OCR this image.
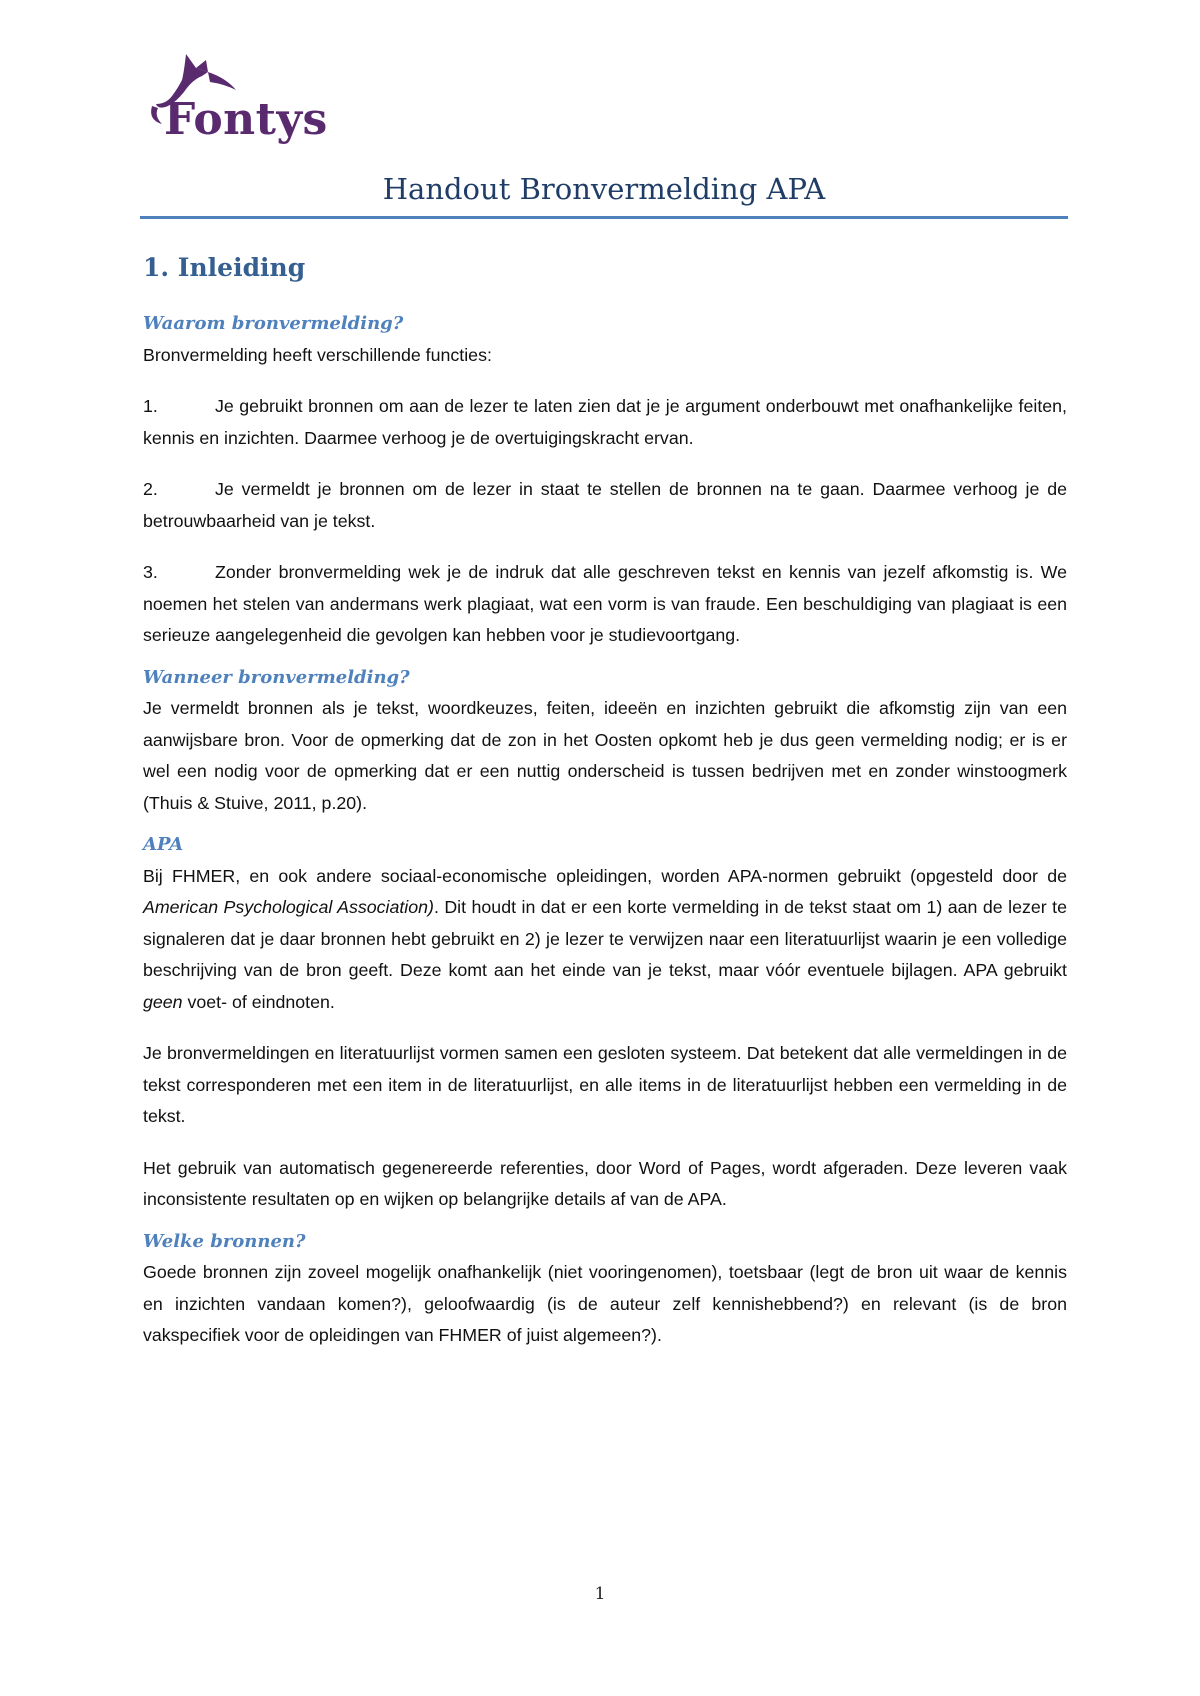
Fontys
Handout Bronvermelding APA
1. Inleiding
Waarom bronvermelding?

Bronvermelding heeft verschillende functies:

1.	Je gebruikt bronnen om aan de lezer te laten zien dat je je argument onderbouwt met onafhankelijke feiten, kennis en inzichten. Daarmee verhoog je de overtuigingskracht ervan.
2.	Je vermeldt je bronnen om de lezer in staat te stellen de bronnen na te gaan. Daarmee verhoog je de betrouwbaarheid van je tekst.
3.	Zonder bronvermelding wek je de indruk dat alle geschreven tekst en kennis van jezelf afkomstig is. We noemen het stelen van andermans werk plagiaat, wat een vorm is van fraude. Een beschuldiging van plagiaat is een serieuze aangelegenheid die gevolgen kan hebben voor je studievoortgang.
Wanneer bronvermelding?

Je vermeldt bronnen als je tekst, woordkeuzes, feiten, ideeën en inzichten gebruikt die afkomstig zijn van een aanwijsbare bron. Voor de opmerking dat de zon in het Oosten opkomt heb je dus geen vermelding nodig; er is er wel een nodig voor de opmerking dat er een nuttig onderscheid is tussen bedrijven met en zonder winstoogmerk (Thuis & Stuive, 2011, p.20).

APA

Bij FHMER, en ook andere sociaal-economische opleidingen, worden APA-normen gebruikt (opgesteld door de American Psychological Association). Dit houdt in dat er een korte vermelding in de tekst staat om 1) aan de lezer te signaleren dat je daar bronnen hebt gebruikt en 2) je lezer te verwijzen naar een literatuurlijst waarin je een volledige beschrijving van de bron geeft. Deze komt aan het einde van je tekst, maar vóór eventuele bijlagen. APA gebruikt geen voet- of eindnoten.

Je bronvermeldingen en literatuurlijst vormen samen een gesloten systeem. Dat betekent dat alle vermeldingen in de tekst corresponderen met een item in de literatuurlijst, en alle items in de literatuurlijst hebben een vermelding in de tekst.

Het gebruik van automatisch gegenereerde referenties, door Word of Pages, wordt afgeraden. Deze leveren vaak inconsistente resultaten op en wijken op belangrijke details af van de APA.

Welke bronnen?

Goede bronnen zijn zoveel mogelijk onafhankelijk (niet vooringenomen), toetsbaar (legt de bron uit waar de kennis en inzichten vandaan komen?), geloofwaardig (is de auteur zelf kennishebbend?) en relevant (is de bron vakspecifiek voor de opleidingen van FHMER of juist algemeen?).

1
